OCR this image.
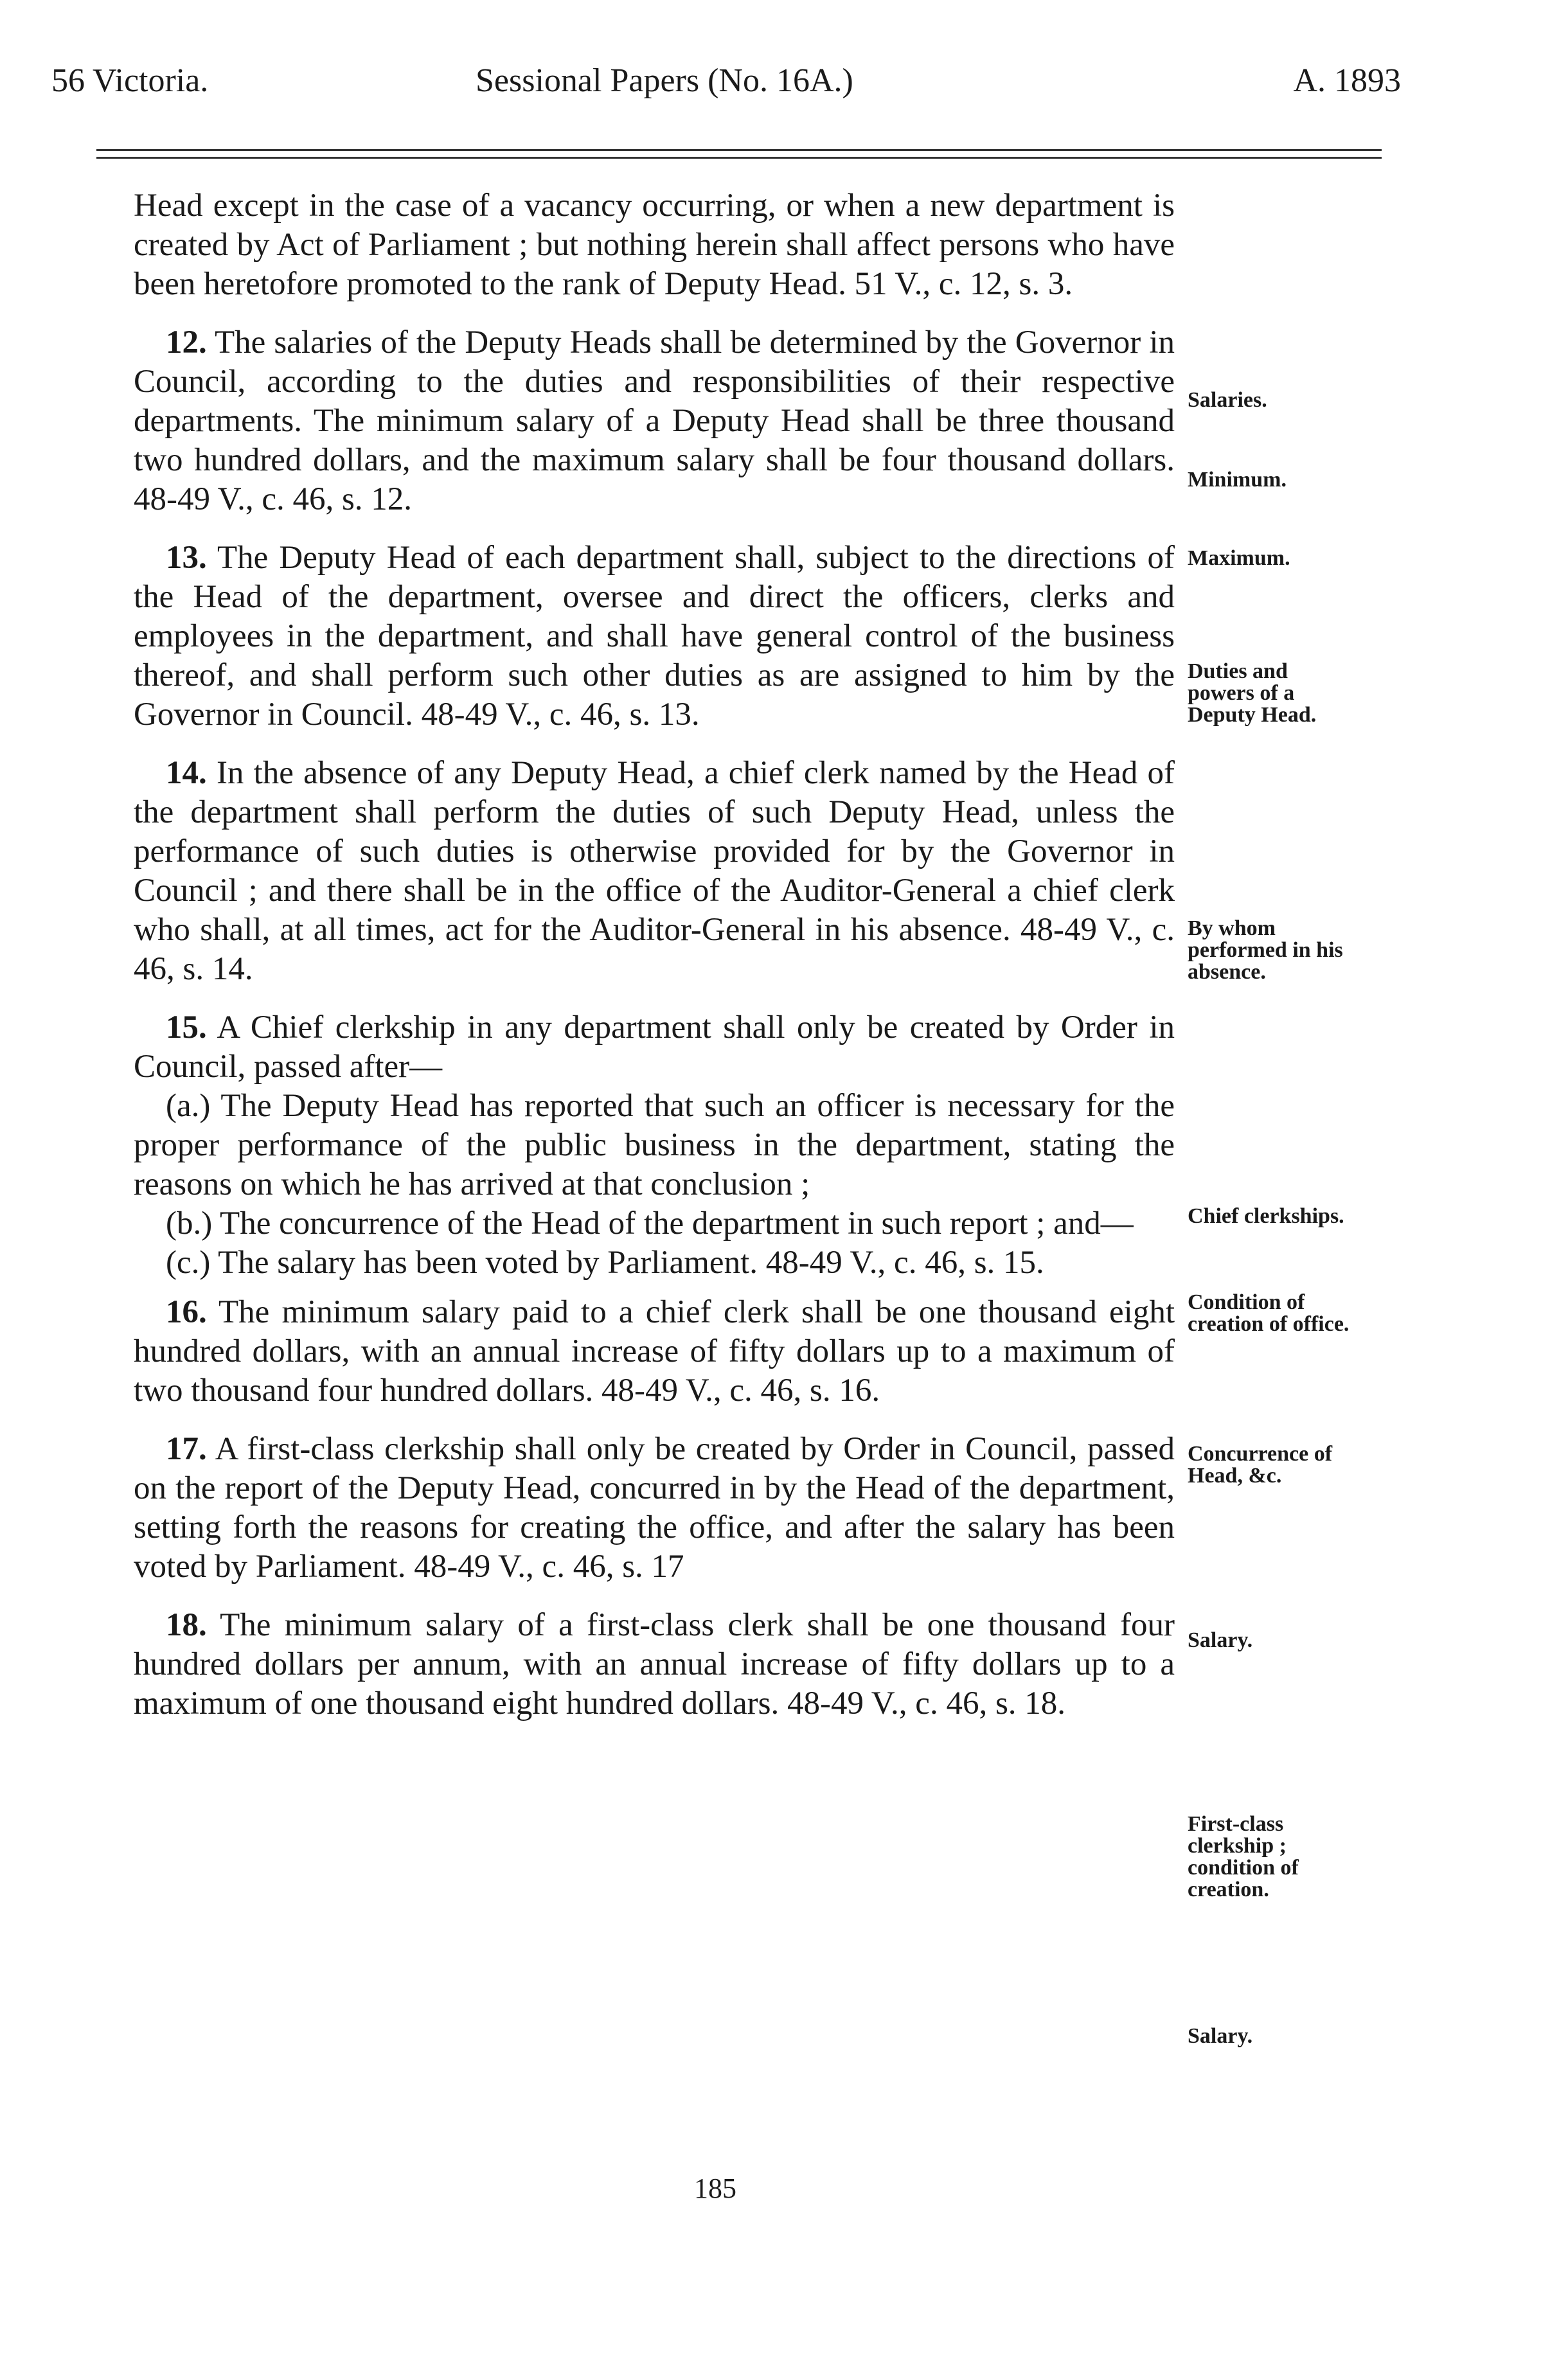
56 Victoria.	Sessional Papers (No. 16A.)	A. 1893

Head except in the case of a vacancy occurring, or when a new department is created by Act of Parliament ; but nothing herein shall affect persons who have been heretofore promoted to the rank of Deputy Head. 51 V., c. 12, s. 3.

12. The salaries of the Deputy Heads shall be determined by the Governor in Council, according to the duties and responsibilities of their respective departments. The minimum salary of a Deputy Head shall be three thousand two hundred dollars, and the maximum salary shall be four thousand dollars. 48-49 V., c. 46, s. 12.

13. The Deputy Head of each department shall, subject to the directions of the Head of the department, oversee and direct the officers, clerks and employees in the department, and shall have general control of the business thereof, and shall perform such other duties as are assigned to him by the Governor in Council. 48-49 V., c. 46, s. 13.

14. In the absence of any Deputy Head, a chief clerk named by the Head of the department shall perform the duties of such Deputy Head, unless the performance of such duties is otherwise provided for by the Governor in Council ; and there shall be in the office of the Auditor-General a chief clerk who shall, at all times, act for the Auditor-General in his absence. 48-49 V., c. 46, s. 14.

15. A Chief clerkship in any department shall only be created by Order in Council, passed after—

(a.) The Deputy Head has reported that such an officer is necessary for the proper performance of the public business in the department, stating the reasons on which he has arrived at that conclusion ;

(b.) The concurrence of the Head of the department in such report ; and—

(c.) The salary has been voted by Parliament. 48-49 V., c. 46, s. 15.

16. The minimum salary paid to a chief clerk shall be one thousand eight hundred dollars, with an annual increase of fifty dollars up to a maximum of two thousand four hundred dollars. 48-49 V., c. 46, s. 16.

17. A first-class clerkship shall only be created by Order in Council, passed on the report of the Deputy Head, concurred in by the Head of the department, setting forth the reasons for creating the office, and after the salary has been voted by Parliament. 48-49 V., c. 46, s. 17

18. The minimum salary of a first-class clerk shall be one thousand four hundred dollars per annum, with an annual increase of fifty dollars up to a maximum of one thousand eight hundred dollars. 48-49 V., c. 46, s. 18.

Salaries.
Minimum.
Maximum.
Duties and powers of a Deputy Head.
By whom performed in his absence.
Chief clerkships.
Condition of creation of office.
Concurrence of Head, &c.
Salary.
First-class clerkship ; condition of creation.
Salary.
185
